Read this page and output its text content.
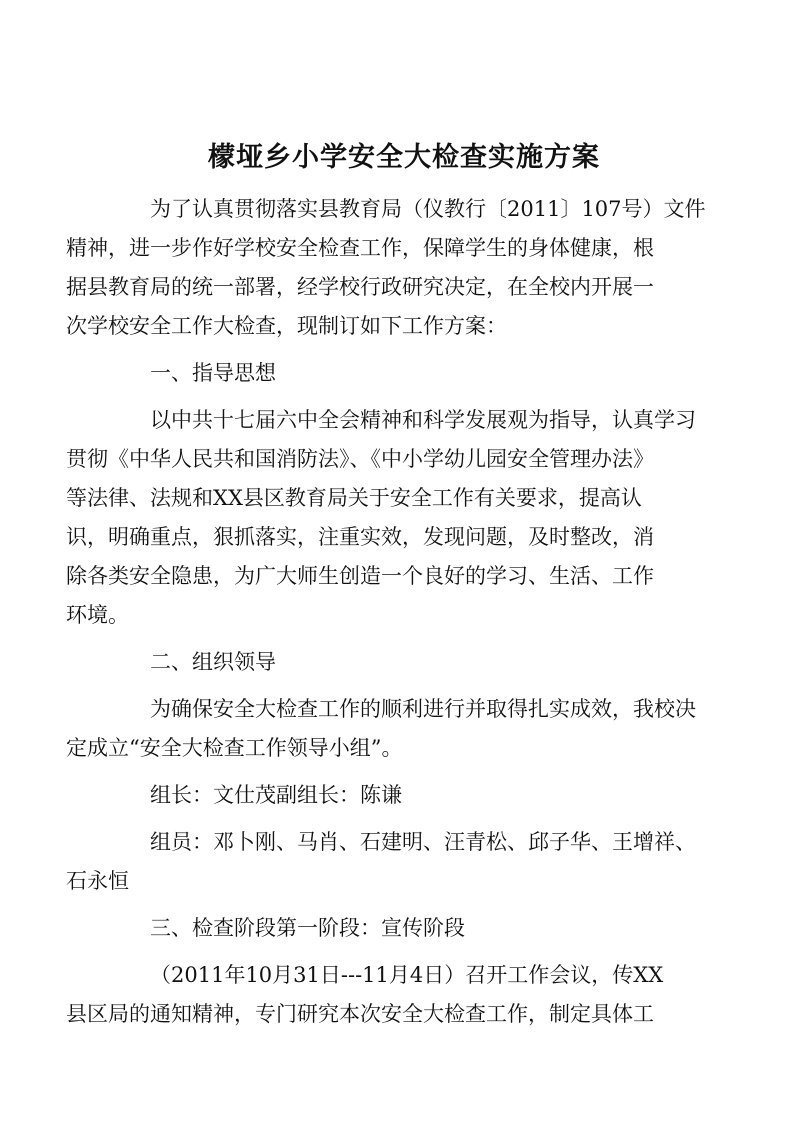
檬垭乡小学安全大检查实施方案
为了认真贯彻落实县教育局（仪教行〔2011〕107号）文件
精神，进一步作好学校安全检查工作，保障学生的身体健康，根
据县教育局的统一部署，经学校行政研究决定，在全校内开展一
次学校安全工作大检查，现制订如下工作方案：
一、指导思想
以中共十七届六中全会精神和科学发展观为指导，认真学习
贯彻《中华人民共和国消防法》、《中小学幼儿园安全管理办法》
等法律、法规和XX县区教育局关于安全工作有关要求，提高认
识，明确重点，狠抓落实，注重实效，发现问题，及时整改，消
除各类安全隐患，为广大师生创造一个良好的学习、生活、工作
环境。
二、组织领导
为确保安全大检查工作的顺利进行并取得扎实成效，我校决
定成立“安全大检查工作领导小组”。
组长：文仕茂副组长：陈谦
组员：邓卜刚、马肖、石建明、汪青松、邱子华、王增祥、
石永恒
三、检查阶段第一阶段：宣传阶段
（2011年10月31日---11月4日）召开工作会议，传XX
县区局的通知精神，专门研究本次安全大检查工作，制定具体工
